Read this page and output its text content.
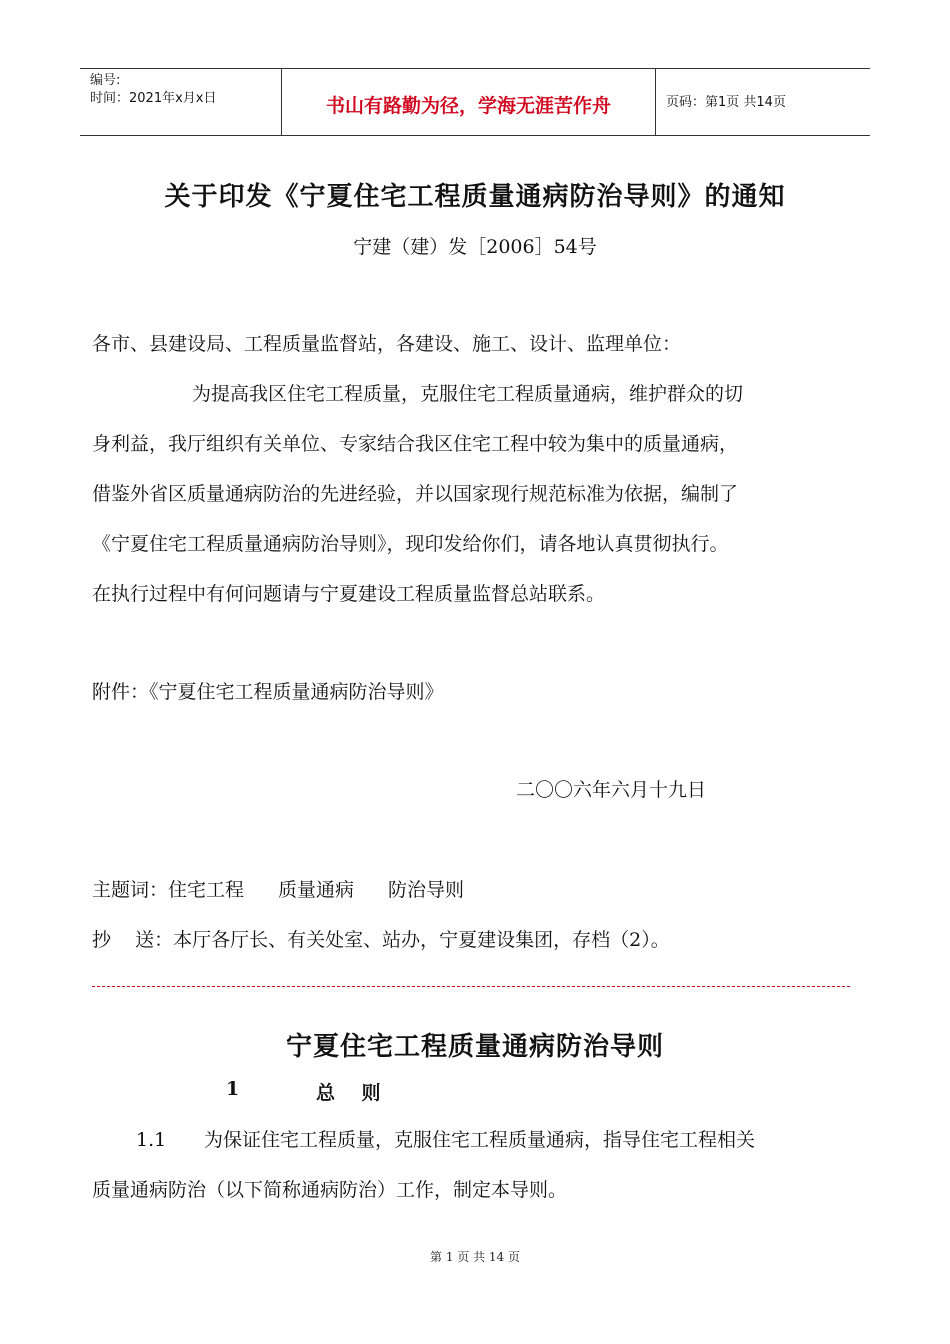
编号:
时间：2021年x月x日	书山有路勤为径，学海无涯苦作舟	页码：第1页 共14页
关于印发《宁夏住宅工程质量通病防治导则》的通知
宁建（建）发［2006］54号
各市、县建设局、工程质量监督站，各建设、施工、设计、监理单位：
为提高我区住宅工程质量，克服住宅工程质量通病，维护群众的切
身利益，我厅组织有关单位、专家结合我区住宅工程中较为集中的质量通病，
借鉴外省区质量通病防治的先进经验，并以国家现行规范标准为依据，编制了
《宁夏住宅工程质量通病防治导则》，现印发给你们，请各地认真贯彻执行。
在执行过程中有何问题请与宁夏建设工程质量监督总站联系。
附件：《宁夏住宅工程质量通病防治导则》
二〇〇六年六月十九日
主题词：住宅工程 质量通病 防治导则
抄    送：本厅各厅长、有关处室、站办，宁夏建设集团，存档（2）。
宁夏住宅工程质量通病防治导则
1	总    则
1.1 为保证住宅工程质量，克服住宅工程质量通病，指导住宅工程相关
质量通病防治（以下简称通病防治）工作，制定本导则。
第 1 页 共 14 页
